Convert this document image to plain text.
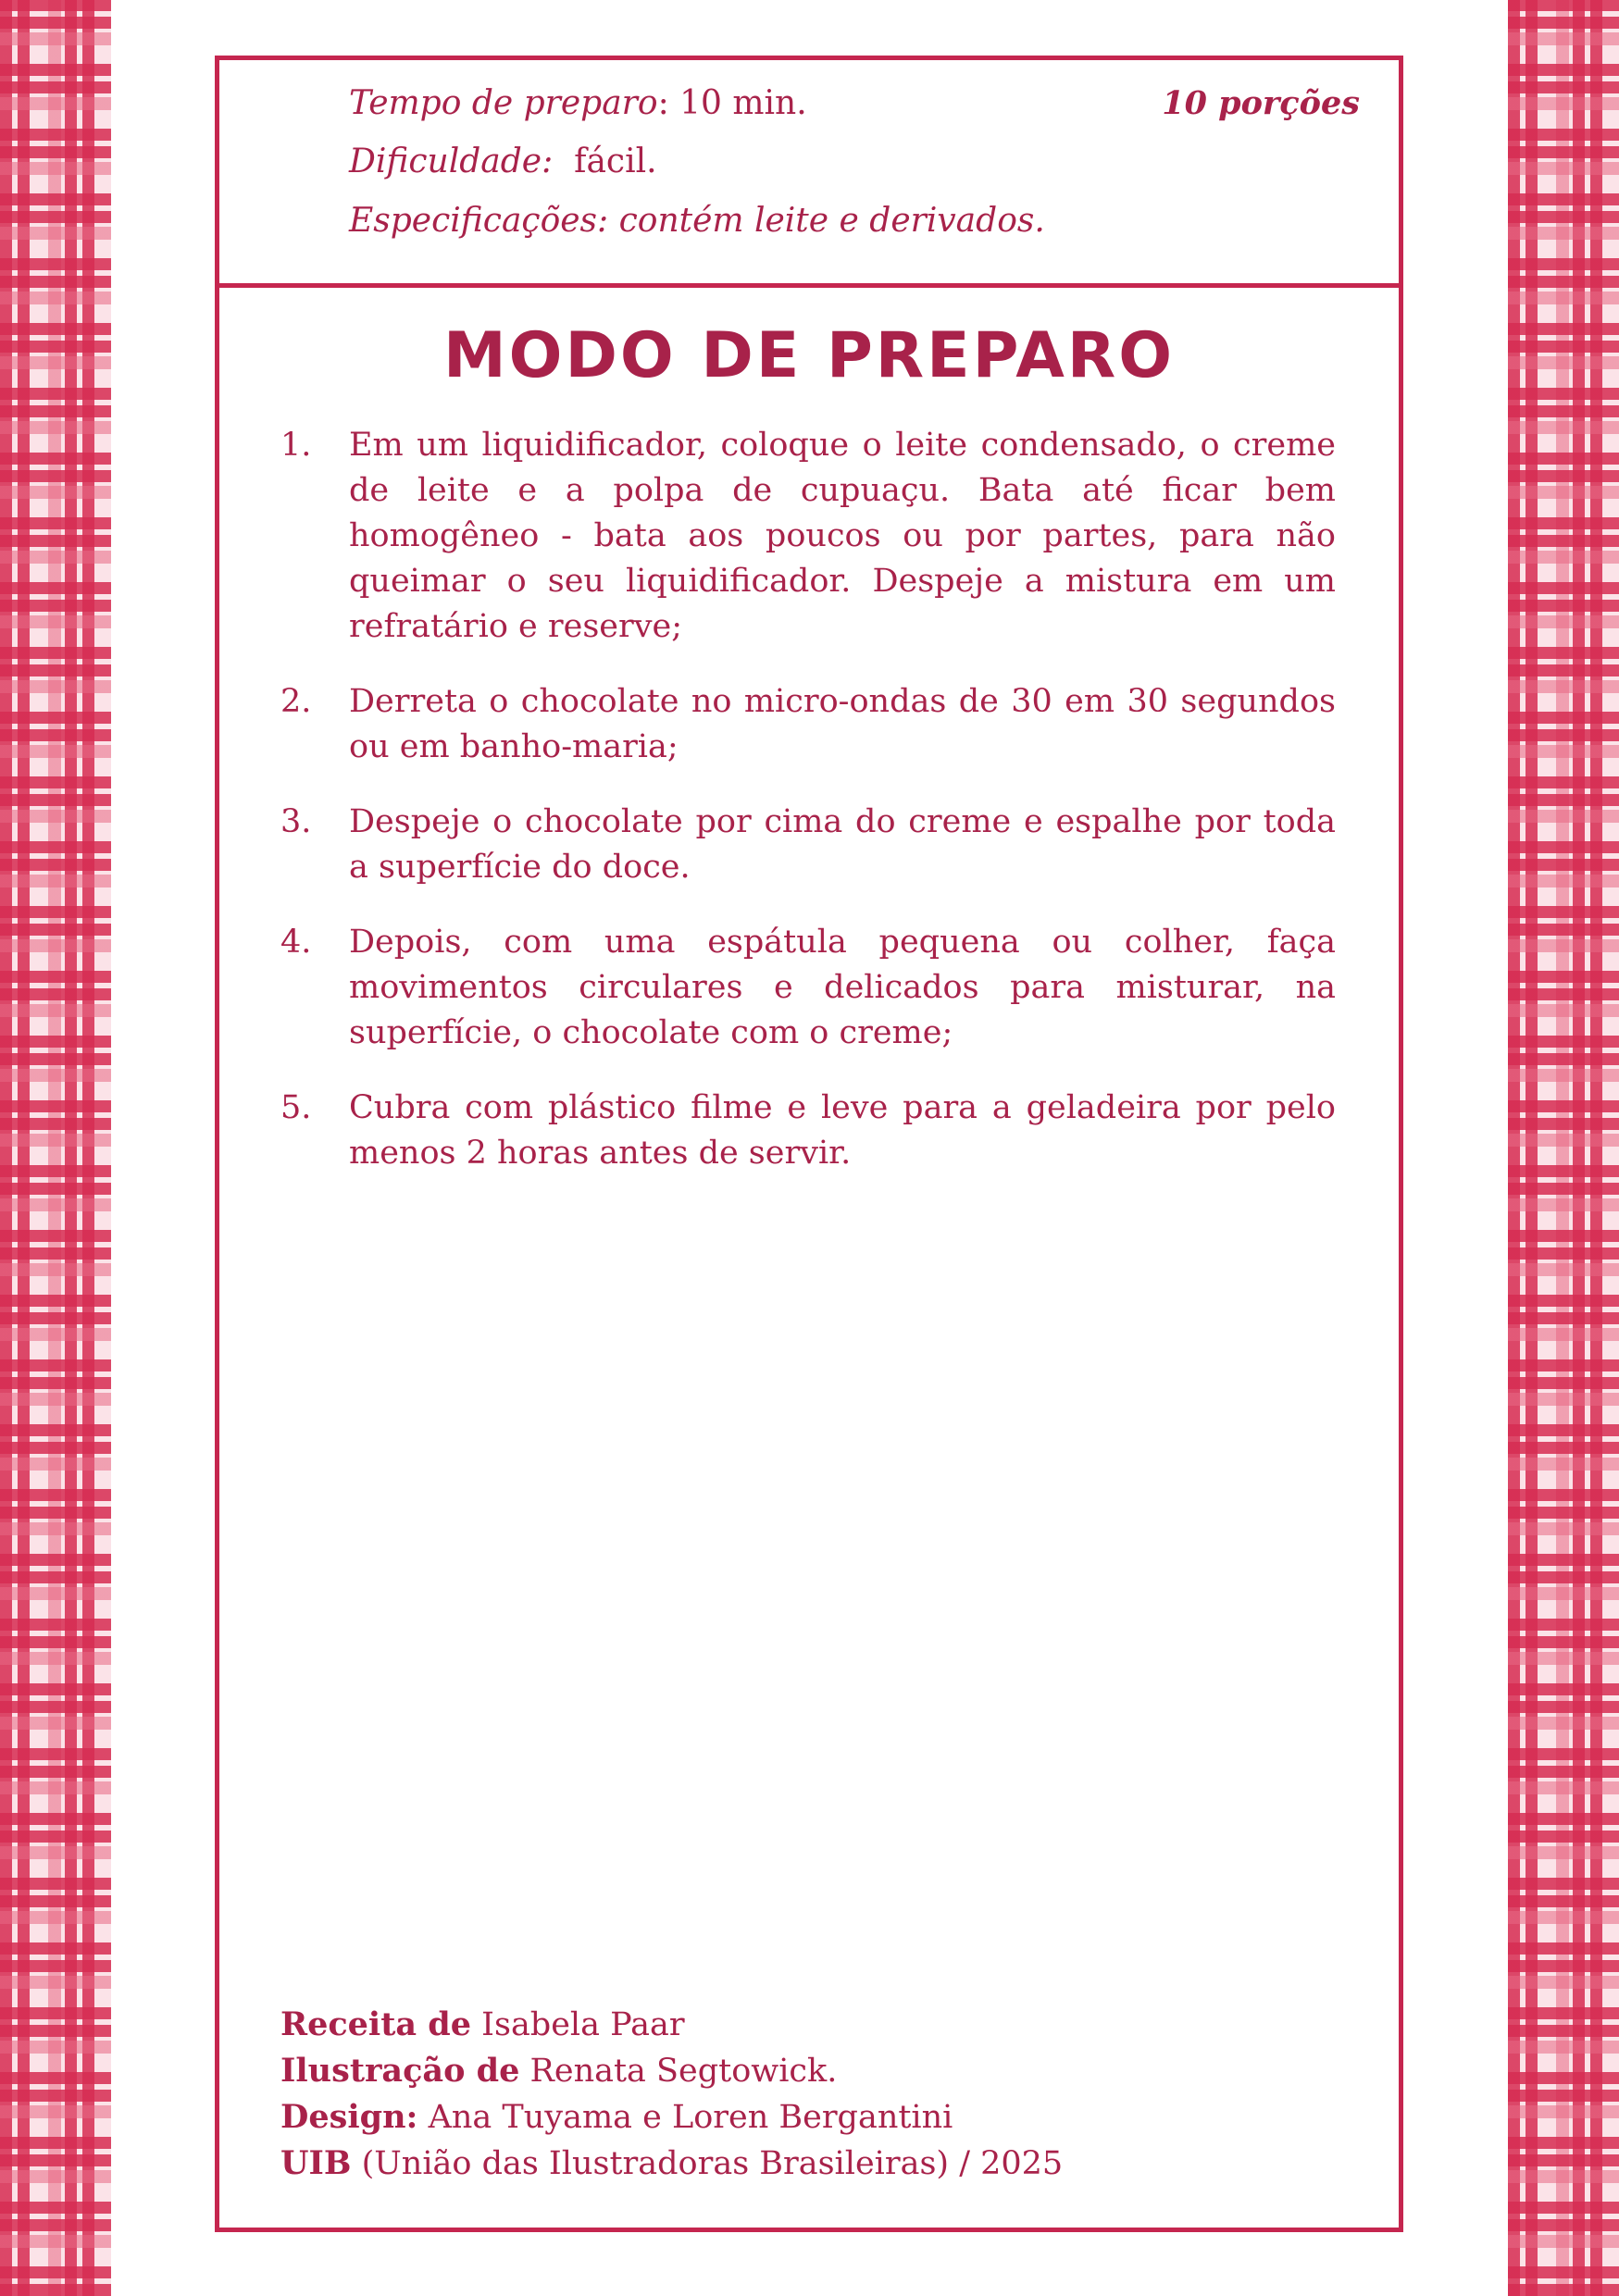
Tempo de preparo: 10 min.
Dificuldade: fácil.
Especificações: contém leite e derivados.
10 porções
MODO DE PREPARO
1. Em um liquidificador, coloque o leite condensado, o creme de leite e a polpa de cupuaçu. Bata até ficar bem homogêneo - bata aos poucos ou por partes, para não queimar o seu liquidificador. Despeje a mistura em um refratário e reserve;
2. Derreta o chocolate no micro-ondas de 30 em 30 segundos ou em banho-maria;
3. Despeje o chocolate por cima do creme e espalhe por toda a superfície do doce.
4. Depois, com uma espátula pequena ou colher, faça movimentos circulares e delicados para misturar, na superfície, o chocolate com o creme;
5. Cubra com plástico filme e leve para a geladeira por pelo menos 2 horas antes de servir.
Receita de Isabela Paar
Ilustração de Renata Segtowick.
Design: Ana Tuyama e Loren Bergantini
UIB (União das Ilustradoras Brasileiras) / 2025
